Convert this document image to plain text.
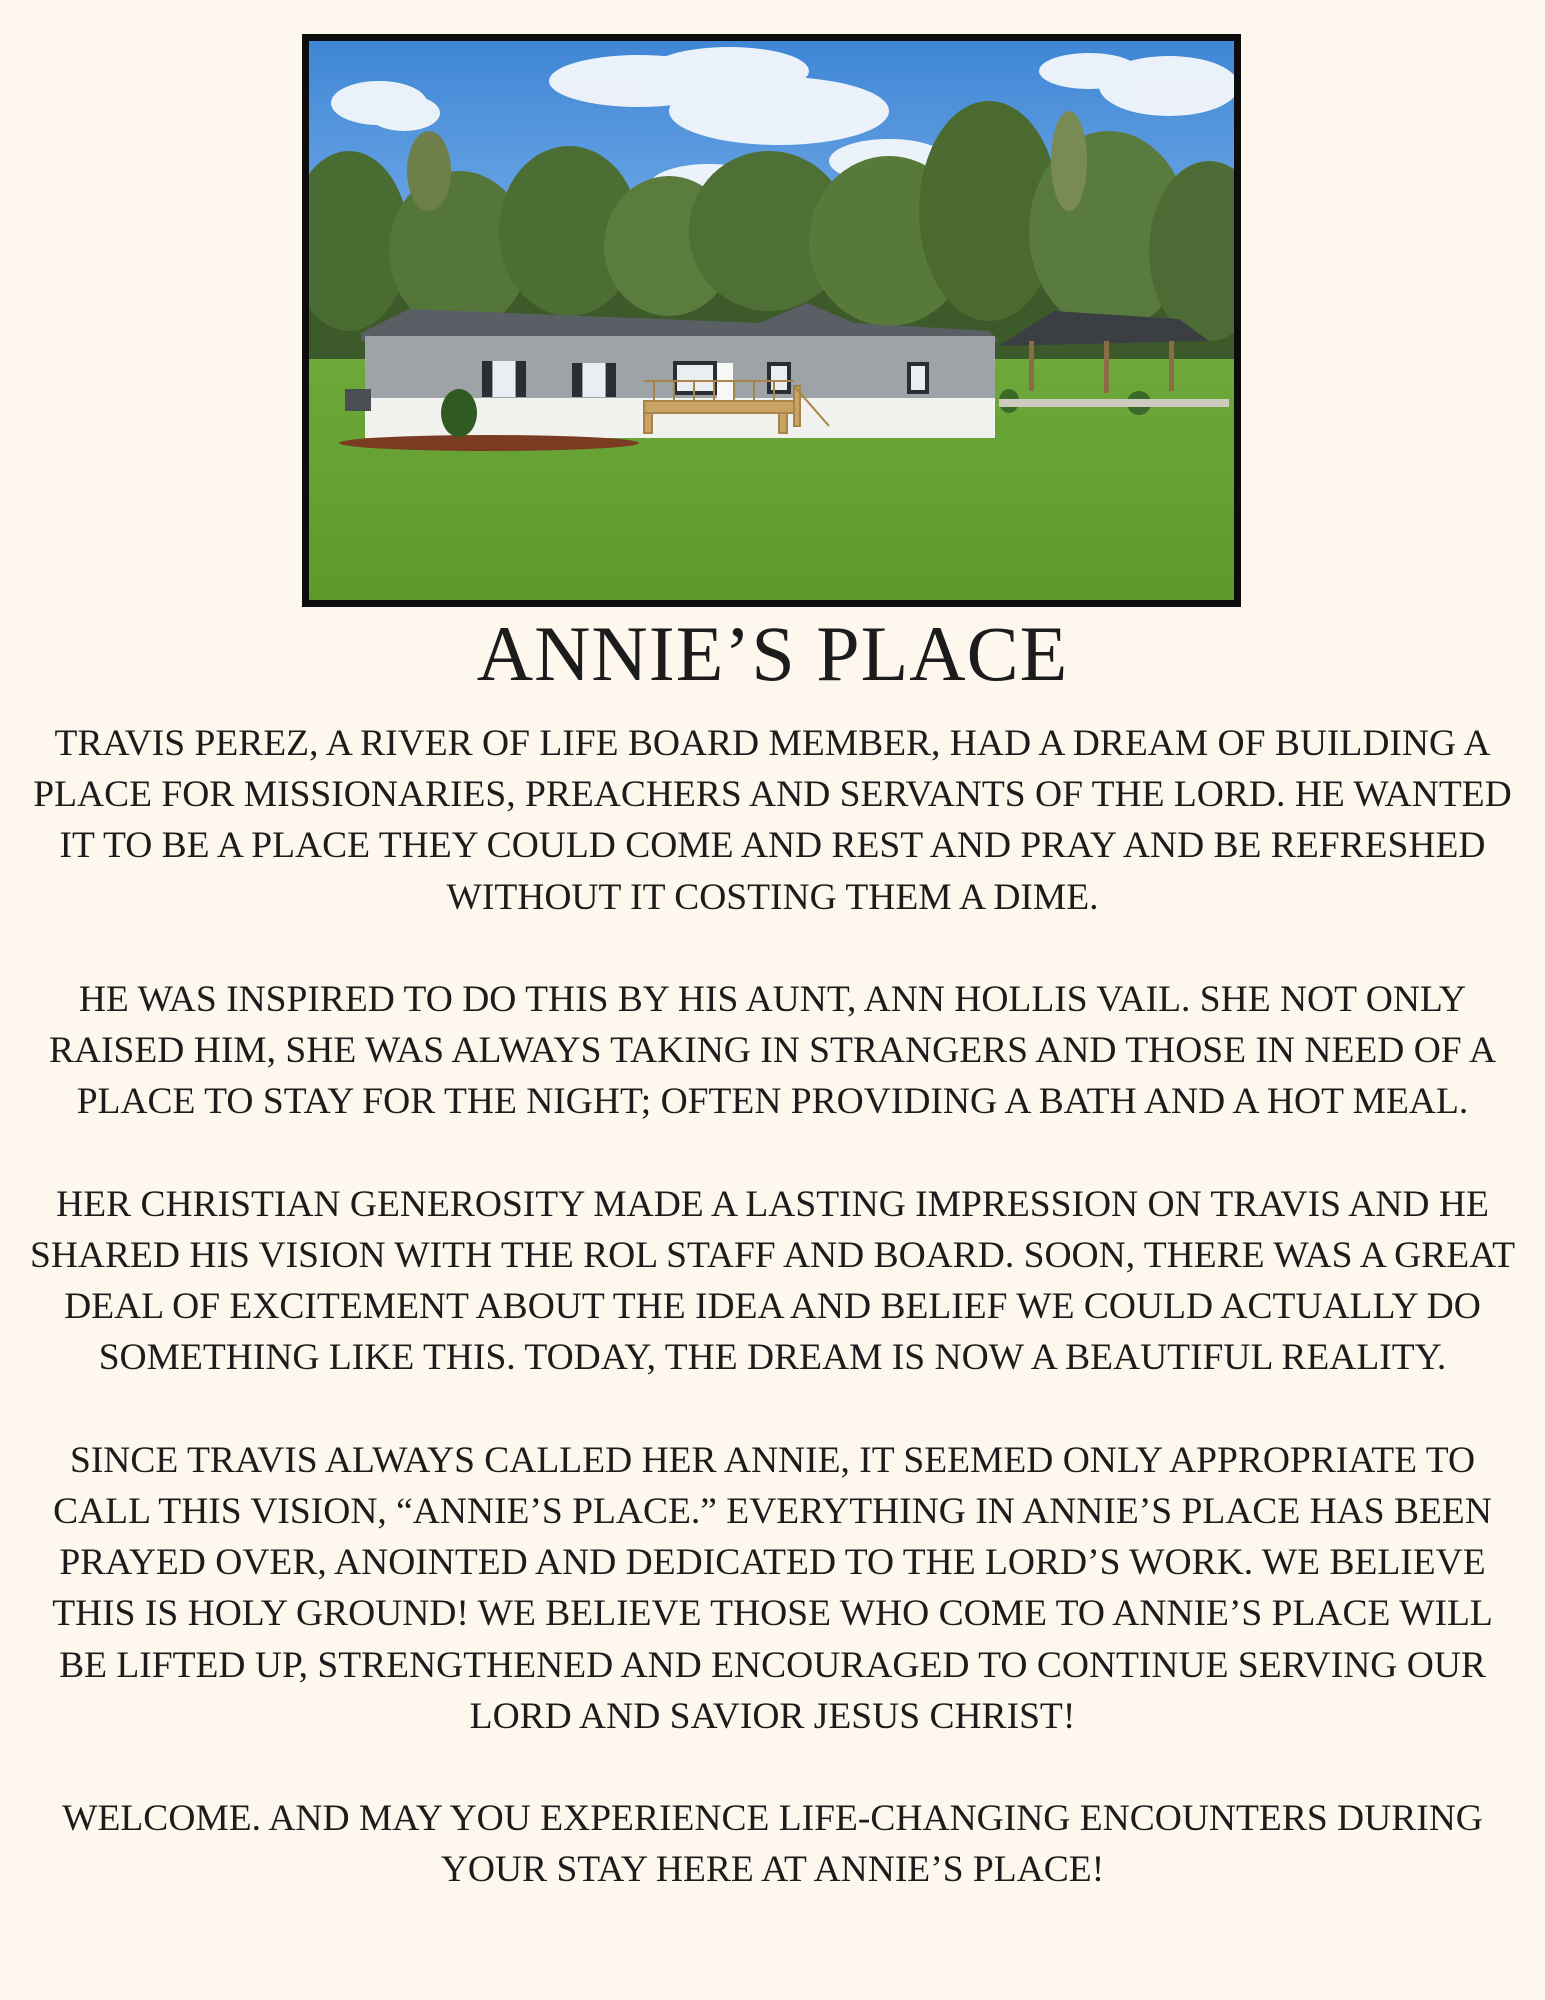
ANNIE’S PLACE

TRAVIS PEREZ, A RIVER OF LIFE BOARD MEMBER, HAD A DREAM OF BUILDING A PLACE FOR MISSIONARIES, PREACHERS AND SERVANTS OF THE LORD. HE WANTED IT TO BE A PLACE THEY COULD COME AND REST AND PRAY AND BE REFRESHED WITHOUT IT COSTING THEM A DIME.

HE WAS INSPIRED TO DO THIS BY HIS AUNT, ANN HOLLIS VAIL. SHE NOT ONLY RAISED HIM, SHE WAS ALWAYS TAKING IN STRANGERS AND THOSE IN NEED OF A PLACE TO STAY FOR THE NIGHT; OFTEN PROVIDING A BATH AND A HOT MEAL.

HER CHRISTIAN GENEROSITY MADE A LASTING IMPRESSION ON TRAVIS AND HE SHARED HIS VISION WITH THE ROL STAFF AND BOARD. SOON, THERE WAS A GREAT DEAL OF EXCITEMENT ABOUT THE IDEA AND BELIEF WE COULD ACTUALLY DO SOMETHING LIKE THIS. TODAY, THE DREAM IS NOW A BEAUTIFUL REALITY.

SINCE TRAVIS ALWAYS CALLED HER ANNIE, IT SEEMED ONLY APPROPRIATE TO CALL THIS VISION, “ANNIE’S PLACE.” EVERYTHING IN ANNIE’S PLACE HAS BEEN PRAYED OVER, ANOINTED AND DEDICATED TO THE LORD’S WORK. WE BELIEVE THIS IS HOLY GROUND! WE BELIEVE THOSE WHO COME TO ANNIE’S PLACE WILL BE LIFTED UP, STRENGTHENED AND ENCOURAGED TO CONTINUE SERVING OUR LORD AND SAVIOR JESUS CHRIST!

WELCOME. AND MAY YOU EXPERIENCE LIFE-CHANGING ENCOUNTERS DURING YOUR STAY HERE AT ANNIE’S PLACE!
